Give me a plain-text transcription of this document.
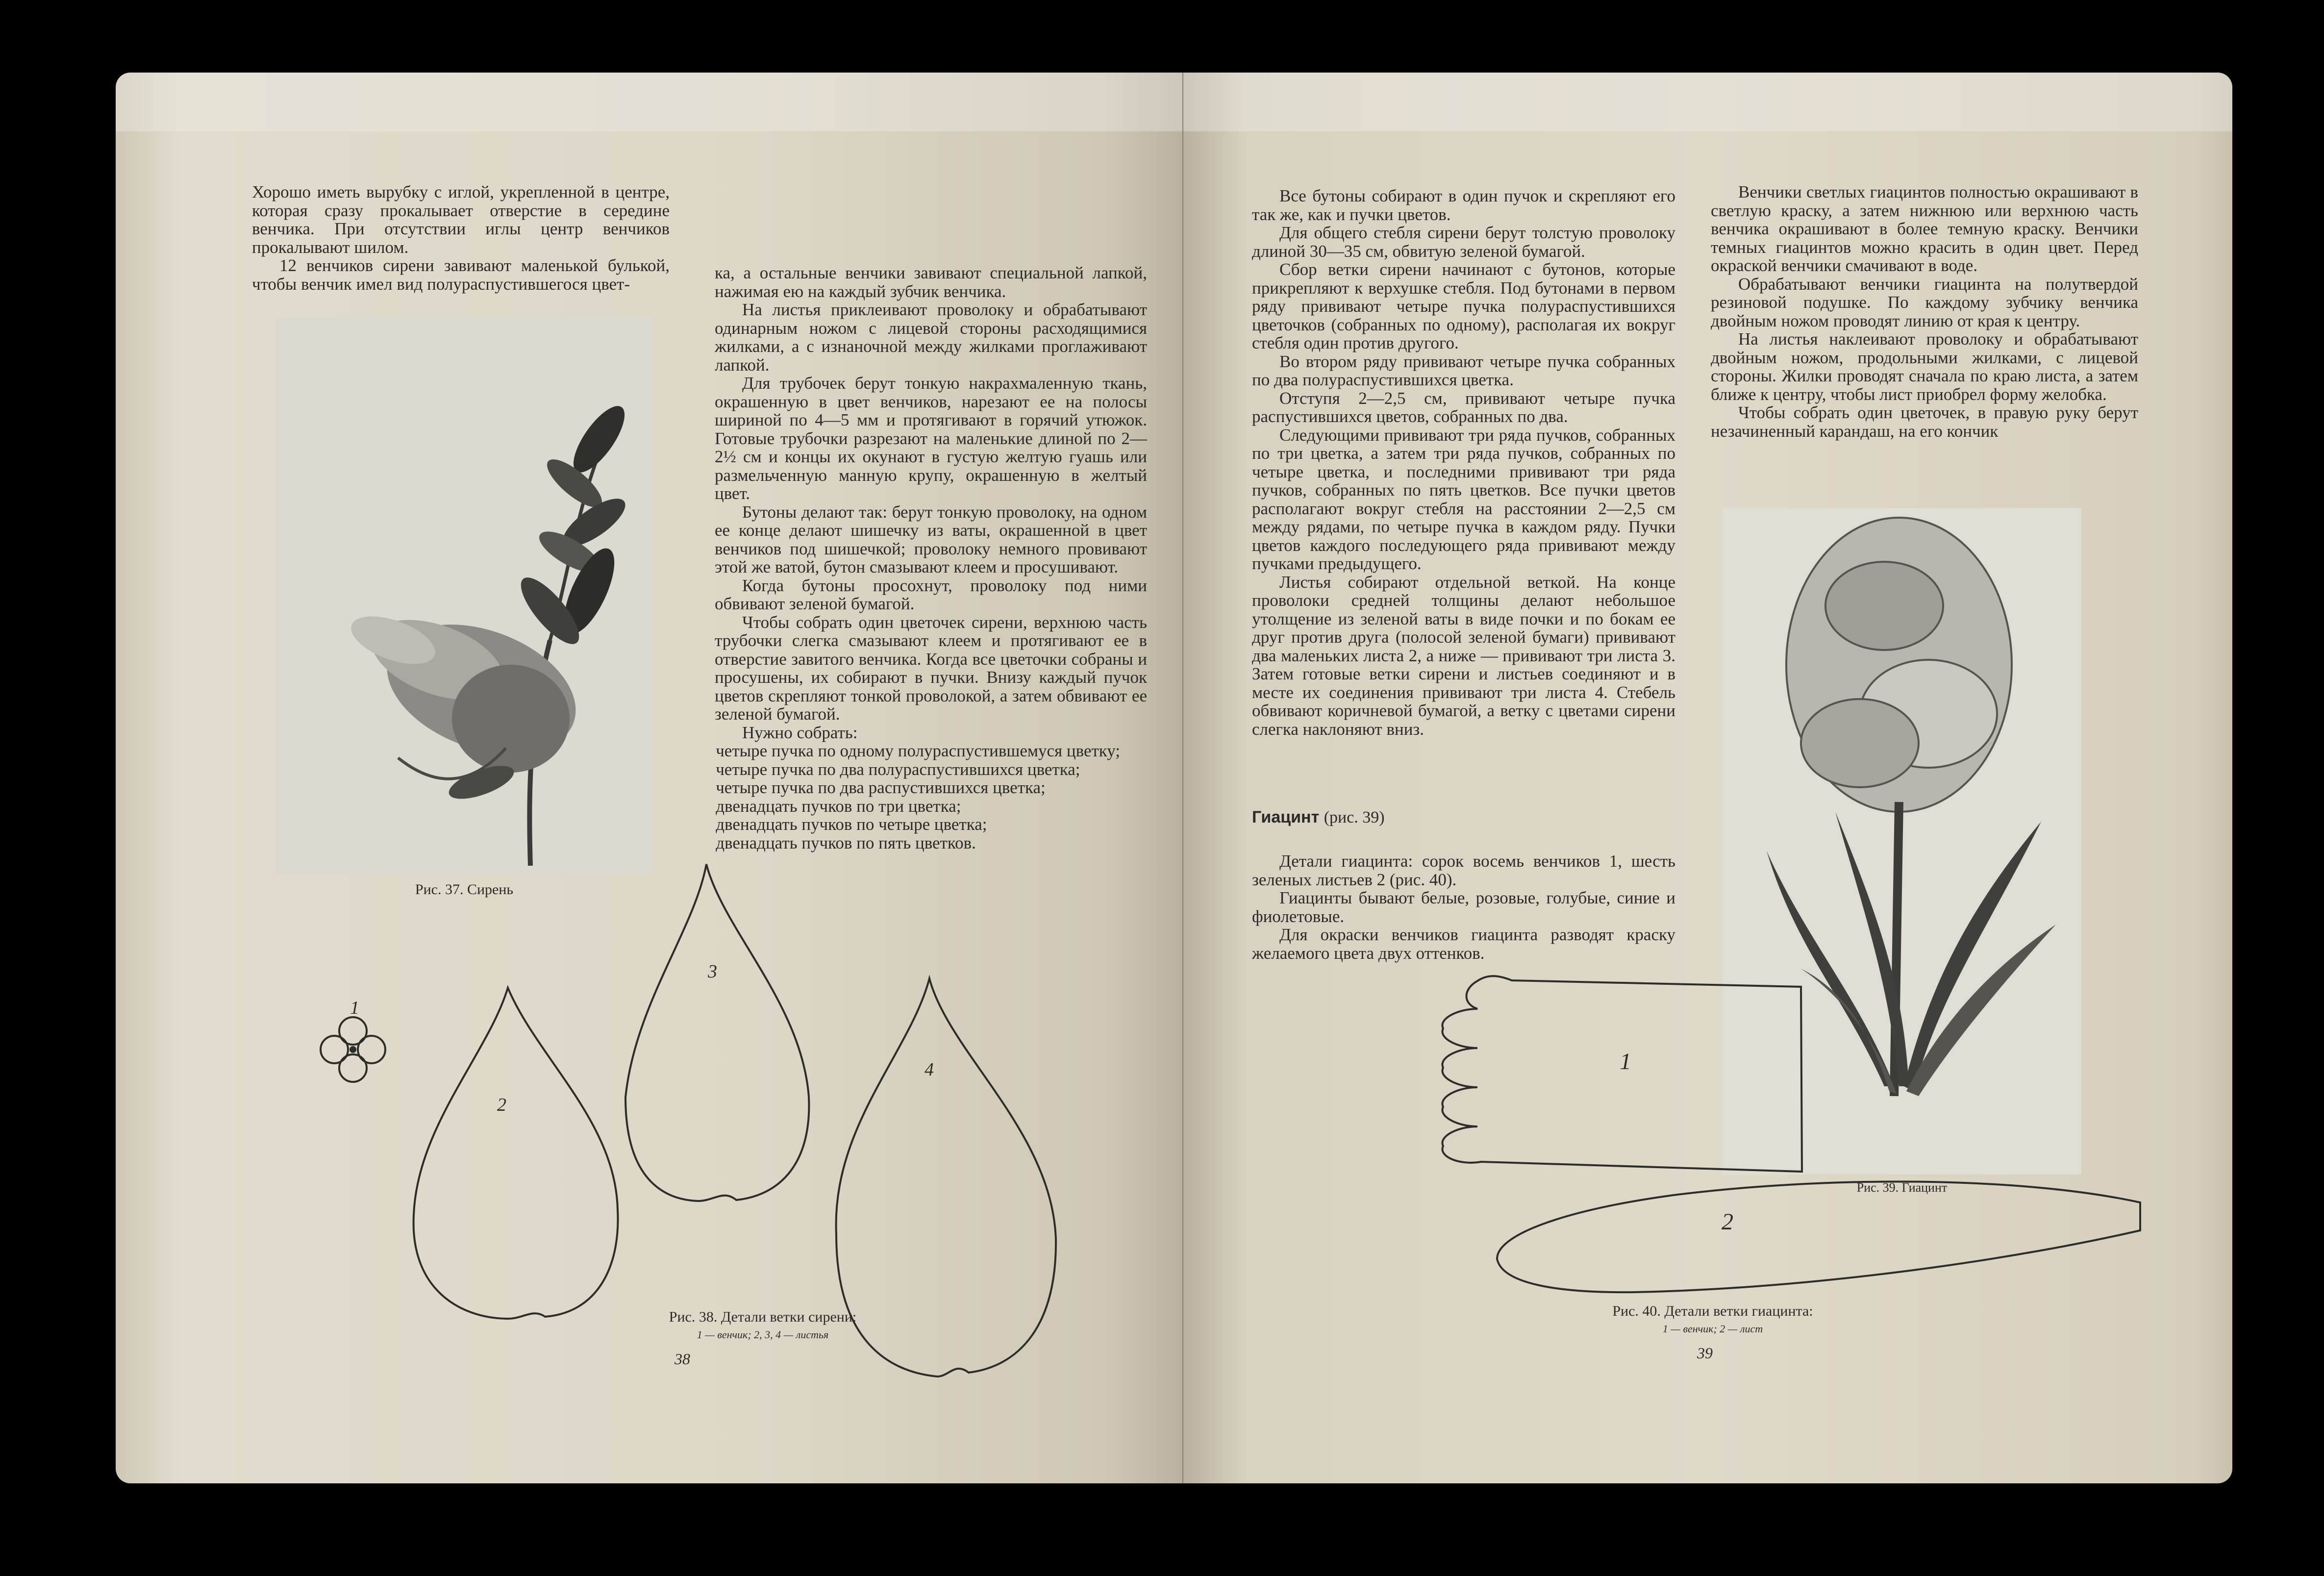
Хорошо иметь вырубку с иглой, укрепленной в центре, которая сразу прокалывает отверстие в середине венчика. При отсутствии иглы центр венчиков прокалывают шилом.

12 венчиков сирени завивают маленькой булькой, чтобы венчик имел вид полураспустившегося цвет-

Рис. 37. Сирень

ка, а остальные венчики завивают специальной лапкой, нажимая ею на каждый зубчик венчика.

На листья приклеивают проволоку и обрабатывают одинарным ножом с лицевой стороны расходящимися жилками, а с изнаночной между жилками проглаживают лапкой.

Для трубочек берут тонкую накрахмаленную ткань, окрашенную в цвет венчиков, нарезают ее на полосы шириной по 4—5 мм и протягивают в горячий утюжок. Готовые трубочки разрезают на маленькие длиной по 2—2½ см и концы их окунают в густую желтую гуашь или размельченную манную крупу, окрашенную в желтый цвет.

Бутоны делают так: берут тонкую проволоку, на одном ее конце делают шишечку из ваты, окрашенной в цвет венчиков под шишечкой; проволоку немного провивают этой же ватой, бутон смазывают клеем и просушивают.

Когда бутоны просохнут, проволоку под ними обвивают зеленой бумагой.

Чтобы собрать один цветочек сирени, верхнюю часть трубочки слегка смазывают клеем и протягивают ее в отверстие завитого венчика. Когда все цветочки собраны и просушены, их собирают в пучки. Внизу каждый пучок цветов скрепляют тонкой проволокой, а затем обвивают ее зеленой бумагой.

Нужно собрать:

четыре пучка по одному полураспустившемуся цветку;

четыре пучка по два полураспустившихся цветка;

четыре пучка по два распустившихся цветка;

двенадцать пучков по три цветка;

двенадцать пучков по четыре цветка;

двенадцать пучков по пять цветков.

1
2
3
4
Рис. 38. Детали ветки сирени:
1 — венчик; 2, 3, 4 — листья
38

Все бутоны собирают в один пучок и скрепляют его так же, как и пучки цветов.

Для общего стебля сирени берут толстую проволоку длиной 30—35 см, обвитую зеленой бумагой.

Сбор ветки сирени начинают с бутонов, которые прикрепляют к верхушке стебля. Под бутонами в первом ряду прививают четыре пучка полураспустившихся цветочков (собранных по одному), располагая их вокруг стебля один против другого.

Во втором ряду прививают четыре пучка собранных по два полураспустившихся цветка.

Отступя 2—2,5 см, прививают четыре пучка распустившихся цветов, собранных по два.

Следующими прививают три ряда пучков, собранных по три цветка, а затем три ряда пучков, собранных по четыре цветка, и последними прививают три ряда пучков, собранных по пять цветков. Все пучки цветов располагают вокруг стебля на расстоянии 2—2,5 см между рядами, по четыре пучка в каждом ряду. Пучки цветов каждого последующего ряда прививают между пучками предыдущего.

Листья собирают отдельной веткой. На конце проволоки средней толщины делают небольшое утолщение из зеленой ваты в виде почки и по бокам ее друг против друга (полосой зеленой бумаги) прививают два маленьких листа 2, а ниже — прививают три листа 3. Затем готовые ветки сирени и листьев соединяют и в месте их соединения прививают три листа 4. Стебель обвивают коричневой бумагой, а ветку с цветами сирени слегка наклоняют вниз.

Гиацинт (рис. 39)

Детали гиацинта: сорок восемь венчиков 1, шесть зеленых листьев 2 (рис. 40).

Гиацинты бывают белые, розовые, голубые, синие и фиолетовые.

Для окраски венчиков гиацинта разводят краску желаемого цвета двух оттенков.

Венчики светлых гиацинтов полностью окрашивают в светлую краску, а затем нижнюю или верхнюю часть венчика окрашивают в более темную краску. Венчики темных гиацинтов можно красить в один цвет. Перед окраской венчики смачивают в воде.

Обрабатывают венчики гиацинта на полутвердой резиновой подушке. По каждому зубчику венчика двойным ножом проводят линию от края к центру.

На листья наклеивают проволоку и обрабатывают двойным ножом, продольными жилками, с лицевой стороны. Жилки проводят сначала по краю листа, а затем ближе к центру, чтобы лист приобрел форму желобка.

Чтобы собрать один цветочек, в правую руку берут незачиненный карандаш, на его кончик

Рис. 39. Гиацинт
1
2
Рис. 40. Детали ветки гиацинта:
1 — венчик; 2 — лист
39
